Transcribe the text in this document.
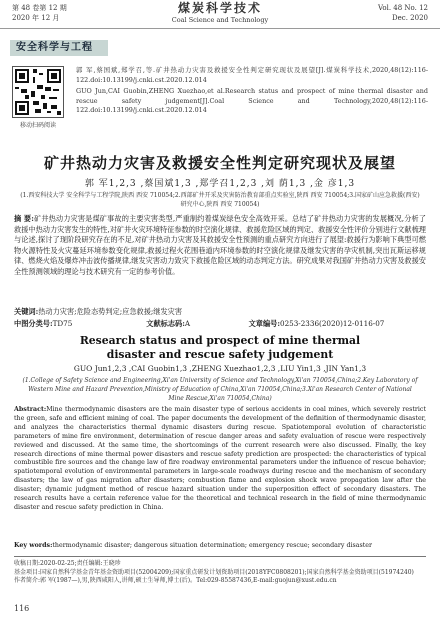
第 48 卷第 12 期
2020 年 12 月
煤炭科学技术
Coal Science and Technology
Vol. 48 No. 12
Dec. 2020
安全科学与工程
移动扫码阅读

郭 军,蔡国斌,郑学召,等.矿井热动力灾害及救援安全性判定研究现状及展望[J].煤炭科学技术,2020,48(12):116-122.doi:10.13199/j.cnki.cst.2020.12.014

GUO Jun,CAI Guobin,ZHENG Xuezhao,et al.Research status and prospect of mine thermal disaster and rescue safety judgement[J].Coal Science and Technology,2020,48(12):116-122.doi:10.13199/j.cnki.cst.2020.12.014

矿井热动力灾害及救援安全性判定研究现状及展望
郭 军1,2,3 ,蔡国斌1,3 ,郑学召1,2,3 ,刘 荫1,3 ,金 彦1,3
(1.西安科技大学 安全科学与工程学院,陕西 西安 710054;2.西部矿井开采及灾害防治教育部重点实验室,陕西 西安 710054;3.国家矿山应急救援(西安)研究中心,陕西 西安 710054)
摘 要:矿井热动力灾害是煤矿事故的主要灾害类型,严重制约着煤炭绿色安全高效开采。总结了矿井热动力灾害的发展概况,分析了救援中热动力灾害发生的特性,对矿井火灾环境特征参数的时空演化规律、救援危险区域的判定、救援安全性评价分别进行文献梳理与论述,探讨了现阶段研究存在的不足,对矿井热动力灾害及其救援安全性预测的重点研究方向进行了展望:救援行为影响下典型可燃物火源特性及火灾蔓延环境参数变化规律,救援过程火花围巷道内环境参数的时空演化规律及继发灾害的孕灾机制,突出瓦斯运移规律、燃烧火焰及爆炸冲击波传播规律,继发灾害动力致灾下救援危险区域的动态判定方法。研究成果对我国矿井热动力灾害及救援安全性预测领域的理论与技术研究有一定的参考价值。
关键词:热动力灾害;危险态势判定;应急救援;继发灾害
中图分类号:TD75	文献标志码:A	文章编号:0253-2336(2020)12-0116-07
Research status and prospect of mine thermal disaster and rescue safety judgement
GUO Jun1,2,3 ,CAI Guobin1,3 ,ZHENG Xuezhao1,2,3 ,LIU Yin1,3 ,JIN Yan1,3
(1.College of Safety Science and Engineering,Xi'an University of Science and Technology,Xi'an 710054,China;2.Key Laboratory of Western Mine and Hazard Prevention,Ministry of Education of China,Xi'an 710054,China;3.Xi'an Research Center of National Mine Rescue,Xi'an 710054,China)
Abstract:Mine thermodynamic disasters are the main disaster type of serious accidents in coal mines, which severely restrict the green, safe and efficient mining of coal. The paper documents the development of the definition of thermodynamic disaster, and analyzes the characteristics thermal dynamic disasters during rescue. Spatiotemporal evolution of characteristic parameters of mine fire environment, determination of rescue danger areas and safety evaluation of rescue were respectively reviewed and discussed. At the same time, the shortcomings of the current research were also discussed. Finally, the key research directions of mine thermal power disasters and rescue safety prediction are prospected: the characteristics of typical combustible fire sources and the change law of fire roadway environmental parameters under the influence of rescue behavior; spatiotemporal evolution of environmental parameters in large-scale roadways during rescue and the mechanism of secondary disasters; the law of gas migration after disasters; combustion flame and explosion shock wave propagation law after the disaster; dynamic judgment method of rescue hazard situation under the superposition effect of secondary disasters. The research results have a certain reference value for the theoretical and technical research in the field of mine thermodynamic disaster and rescue safety prediction in China.
Key words:thermodynamic disaster; dangerous situation determination; emergency rescue; secondary disaster
收稿日期:2020-02-25;责任编辑:王晓珍
基金项目:国家自然科学基金青年基金资助项目(52004209);国家重点研发计划资助项目(2018YFC0808201);国家自然科学基金资助项目(51974240)
作者简介:郭 军(1987—),男,陕西咸阳人,讲师,硕士生导师,博士(后)。Tel:029-85587436,E-mail:guojun@xust.edu.cn
116
